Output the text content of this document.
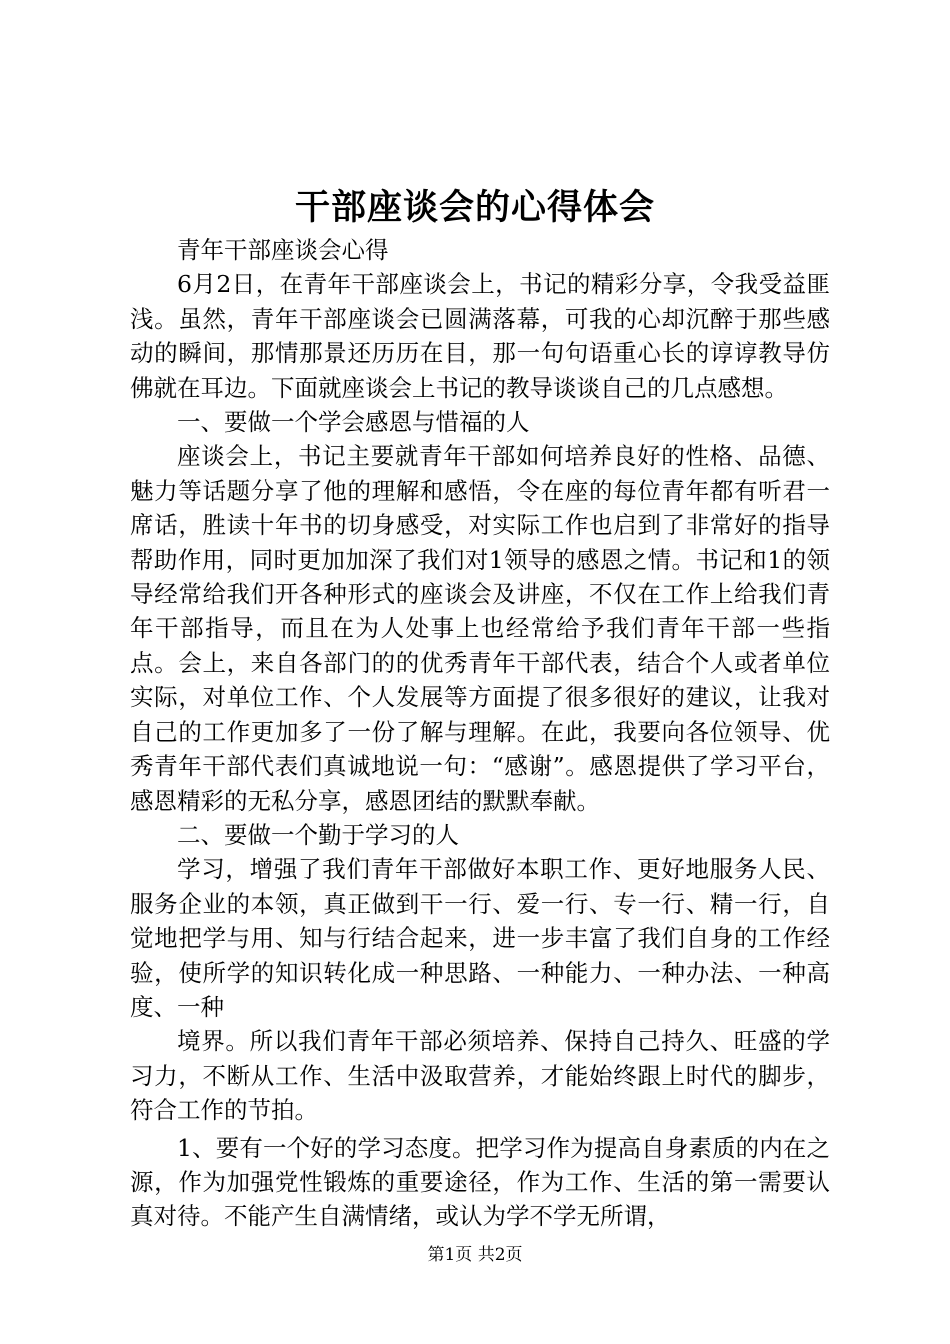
干部座谈会的心得体会

青年干部座谈会心得

6月2日，在青年干部座谈会上，书记的精彩分享，令我受益匪浅。虽然，青年干部座谈会已圆满落幕，可我的心却沉醉于那些感动的瞬间，那情那景还历历在目，那一句句语重心长的谆谆教导仿佛就在耳边。下面就座谈会上书记的教导谈谈自己的几点感想。

一、要做一个学会感恩与惜福的人

座谈会上，书记主要就青年干部如何培养良好的性格、品德、魅力等话题分享了他的理解和感悟，令在座的每位青年都有听君一席话，胜读十年书的切身感受，对实际工作也启到了非常好的指导帮助作用，同时更加加深了我们对1领导的感恩之情。书记和1的领导经常给我们开各种形式的座谈会及讲座，不仅在工作上给我们青年干部指导，而且在为人处事上也经常给予我们青年干部一些指点。会上，来自各部门的的优秀青年干部代表，结合个人或者单位实际，对单位工作、个人发展等方面提了很多很好的建议，让我对自己的工作更加多了一份了解与理解。在此，我要向各位领导、优秀青年干部代表们真诚地说一句：“感谢”。感恩提供了学习平台，感恩精彩的无私分享，感恩团结的默默奉献。

二、要做一个勤于学习的人

学习，增强了我们青年干部做好本职工作、更好地服务人民、服务企业的本领，真正做到干一行、爱一行、专一行、精一行，自觉地把学与用、知与行结合起来，进一步丰富了我们自身的工作经验，使所学的知识转化成一种思路、一种能力、一种办法、一种高度、一种

境界。所以我们青年干部必须培养、保持自己持久、旺盛的学习力，不断从工作、生活中汲取营养，才能始终跟上时代的脚步，符合工作的节拍。

1、要有一个好的学习态度。把学习作为提高自身素质的内在之源，作为加强党性锻炼的重要途径，作为工作、生活的第一需要认真对待。不能产生自满情绪，或认为学不学无所谓，

第1页 共2页
